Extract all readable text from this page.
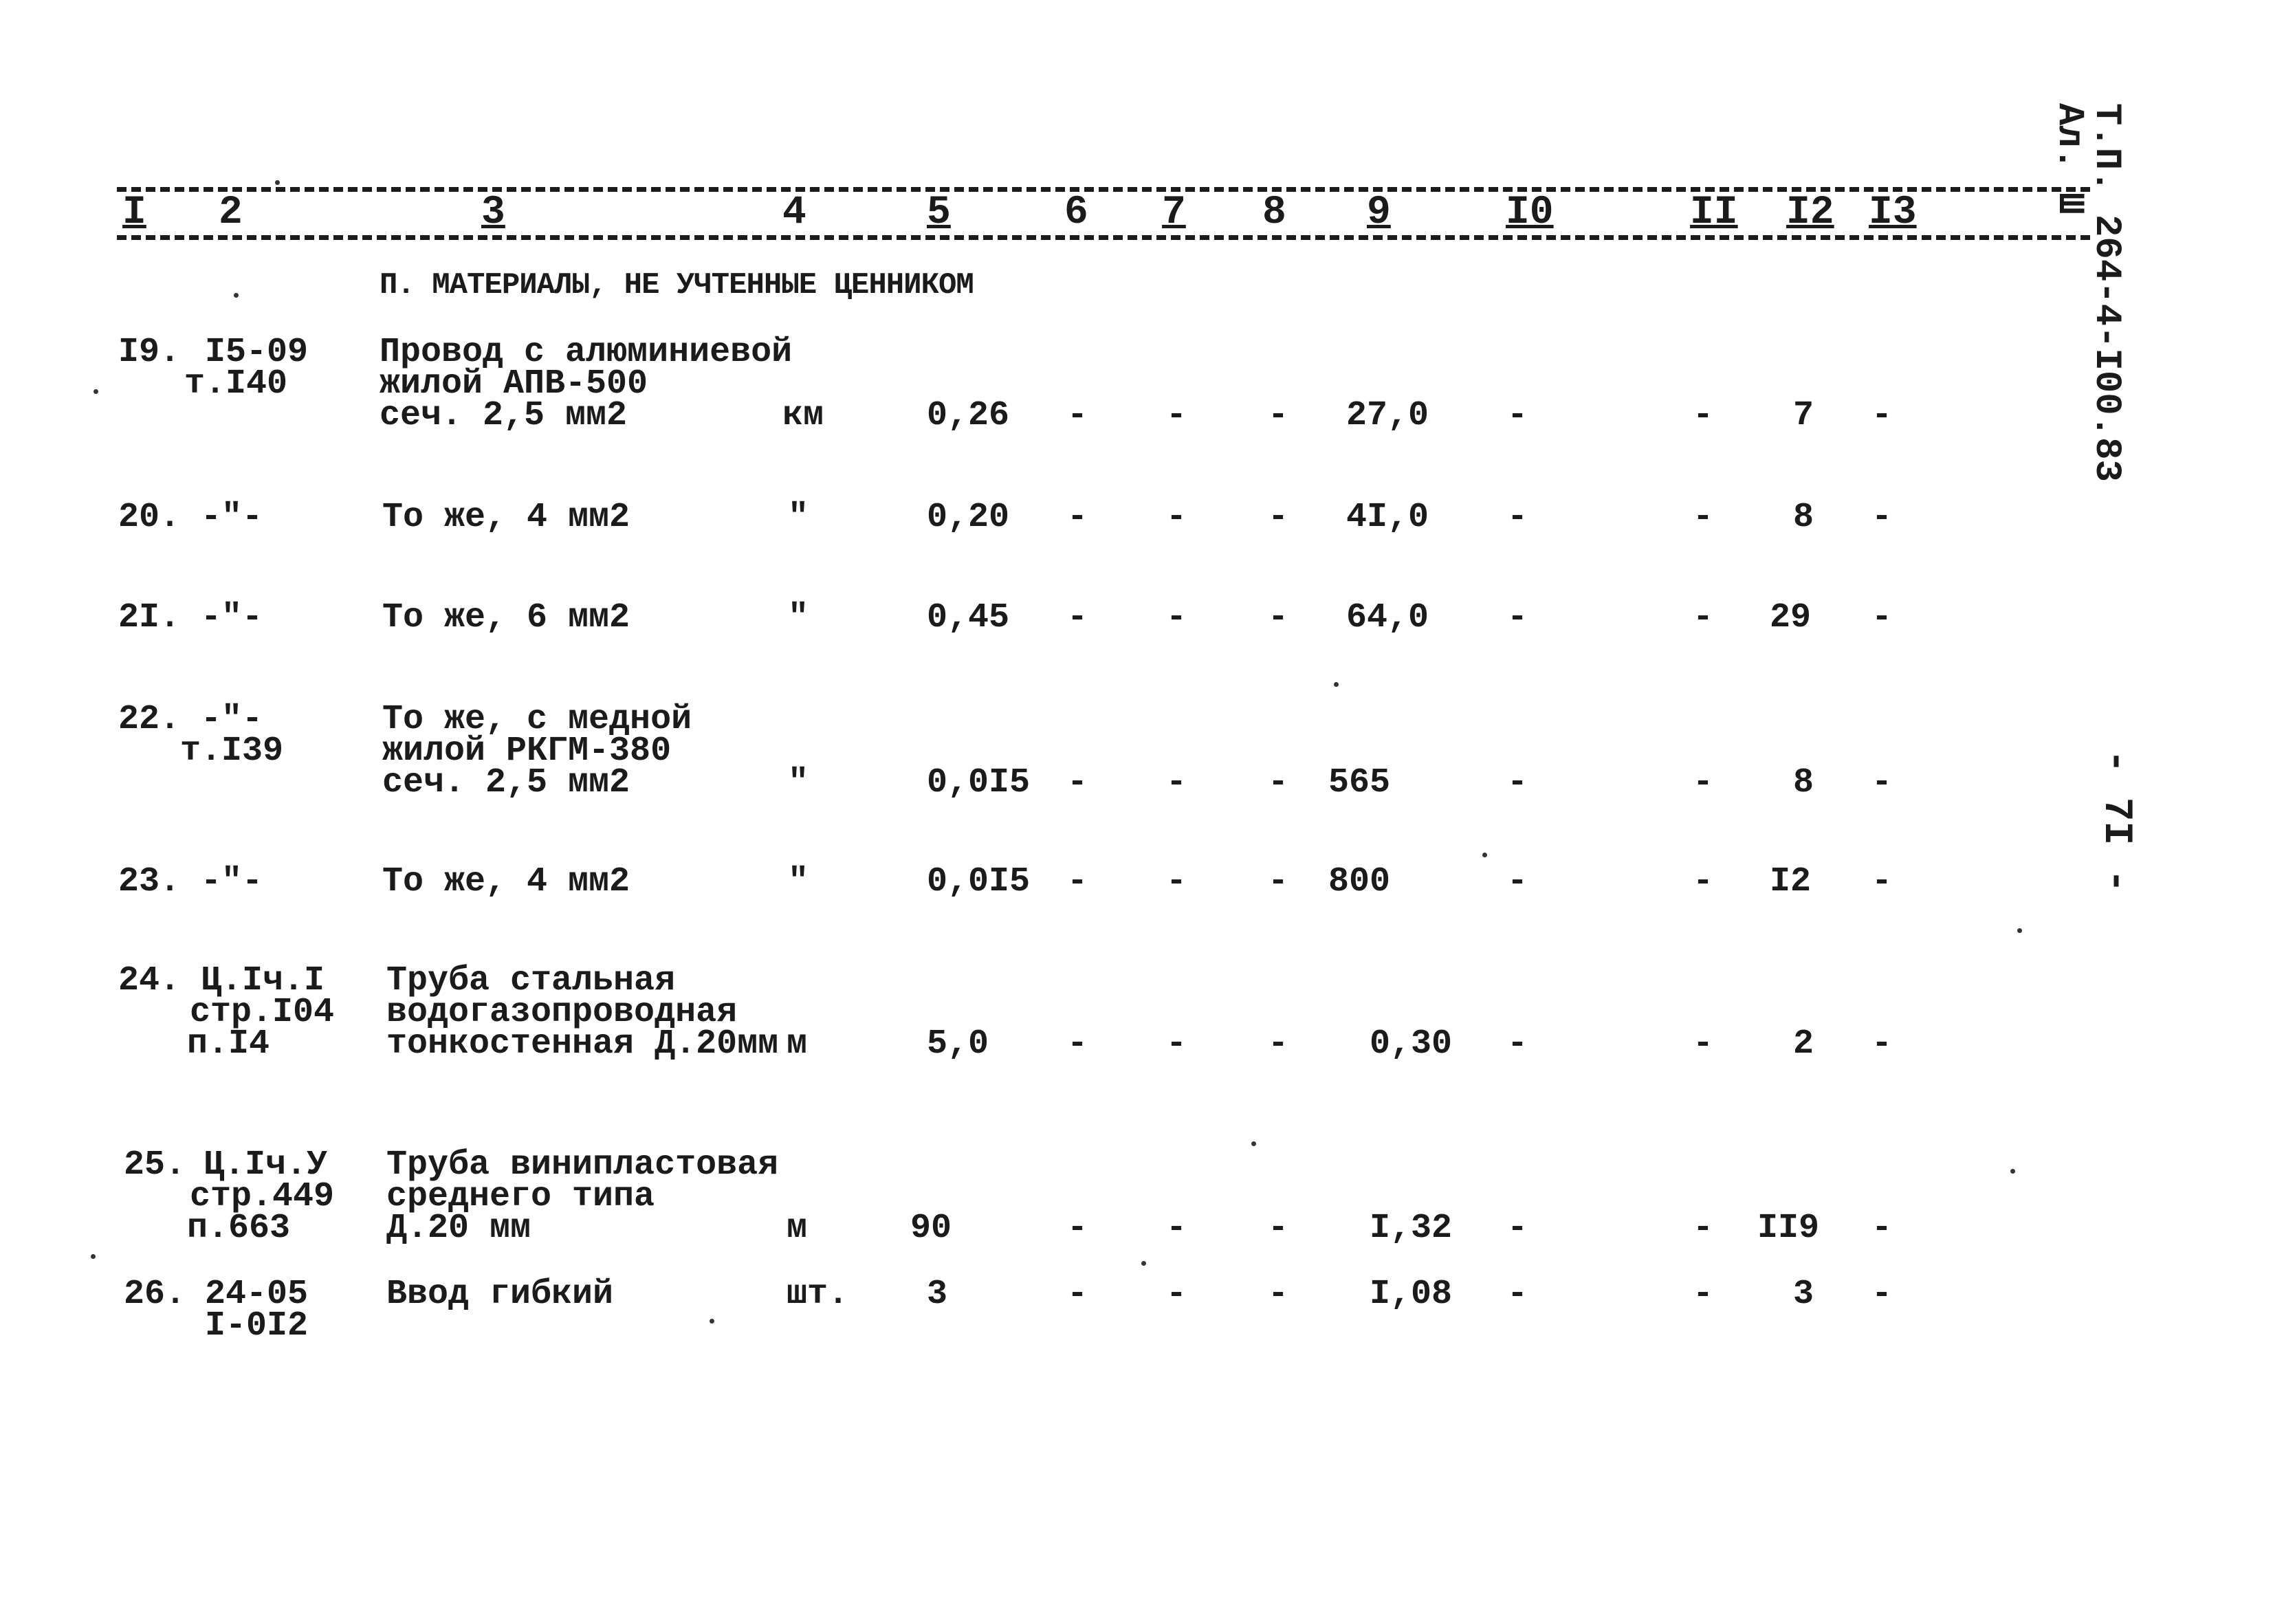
I 2	3	4	5	6 7 8 9	I0	II I2 I3
П. МАТЕРИАЛЫ, НЕ УЧТЕННЫЕ ЦЕННИКОМ
I9. I5-09
т.I40
Провод с алюминиевой
жилой АПВ-500
сеч. 2,5 мм2	км	0,26 - - - 27,0 -	- 7 -
20. -"-	То же, 4 мм2	"	0,20 - - - 4I,0 -	- 8 -
2I. -"-	То же, 6 мм2	"	0,45 - - - 64,0 -	- 29 -
22. -"-
т.I39
То же, с медной
жилой РКГМ-380
сеч. 2,5 мм2	"	0,0I5 - - - 565	-	- 8 -
23. -"-	То же, 4 мм2	"	0,0I5 - - - 800	-	- I2 -
24. Ц.Iч.I
стр.I04
п.I4
Труба стальная
водогазопроводная
тонкостенная Д.20мм м	5,0 - - - 0,30 -	- 2 -
25. Ц.Iч.У
стр.449
п.663
Труба винипластовая
среднего типа
Д.20 мм	м	90	- - - I,32 -	- II9 -
26. 24-05
I-0I2
Ввод гибкий	шт. 3	- - - I,08 -	- 3 -
Т.П. 264-4-I00.83
Ал. Ш
- 7I -
